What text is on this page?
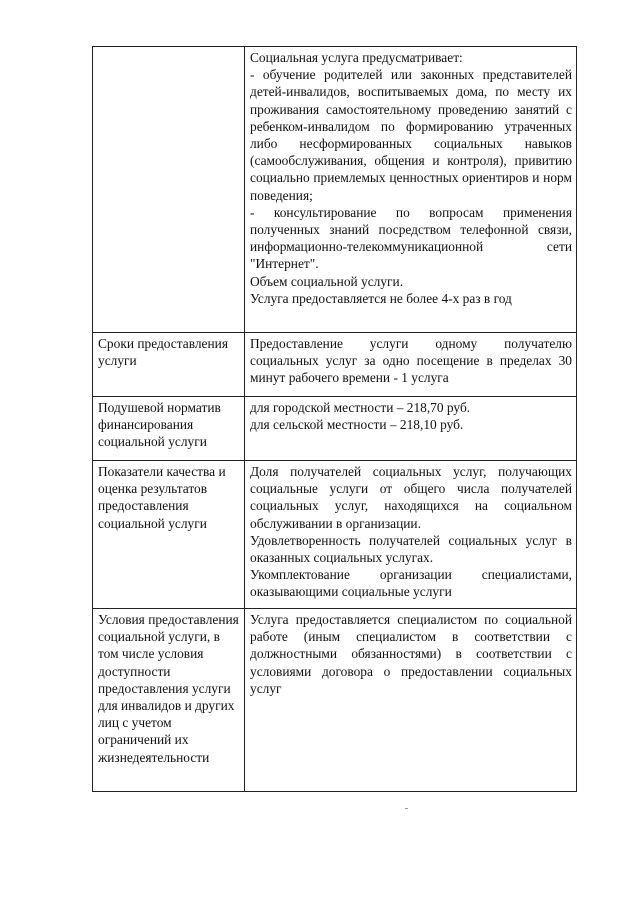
	Социальная услуга предусматривает:

- обучение родителей или законных представителей детей-инвалидов, воспитываемых дома, по месту их проживания самостоятельному проведению занятий с ребенком-инвалидом по формированию утраченных либо несформированных социальных навыков (самообслуживания, общения и контроля), привитию социально приемлемых ценностных ориентиров и норм поведения;

- консультирование по вопросам применения полученных знаний посредством телефонной связи, информационно-телекоммуникационной сети "Интернет".

Объем социальной услуги.

Услуга предоставляется не более 4-х раз в год

Сроки предоставления услуги	Предоставление услуги одному получателю социальных услуг за одно посещение в пределах 30 минут рабочего времени - 1 услуга

Подушевой норматив финансирования социальной услуги	для городской местности – 218,70 руб.

для сельской местности – 218,10 руб.

Показатели качества и оценка результатов предоставления социальной услуги	Доля получателей социальных услуг, получающих социальные услуги от общего числа получателей социальных услуг, находящихся на социальном обслуживании в организации.

Удовлетворенность получателей социальных услуг в оказанных социальных услугах.

Укомплектование организации специалистами, оказывающими социальные услуги

Условия предоставления социальной услуги, в том числе условия доступности предоставления услуги для инвалидов и других лиц с учетом ограничений их жизнедеятельности	Услуга предоставляется специалистом по социальной работе (иным специалистом в соответствии с должностными обязанностями) в соответствии с условиями договора о предоставлении социальных услуг
